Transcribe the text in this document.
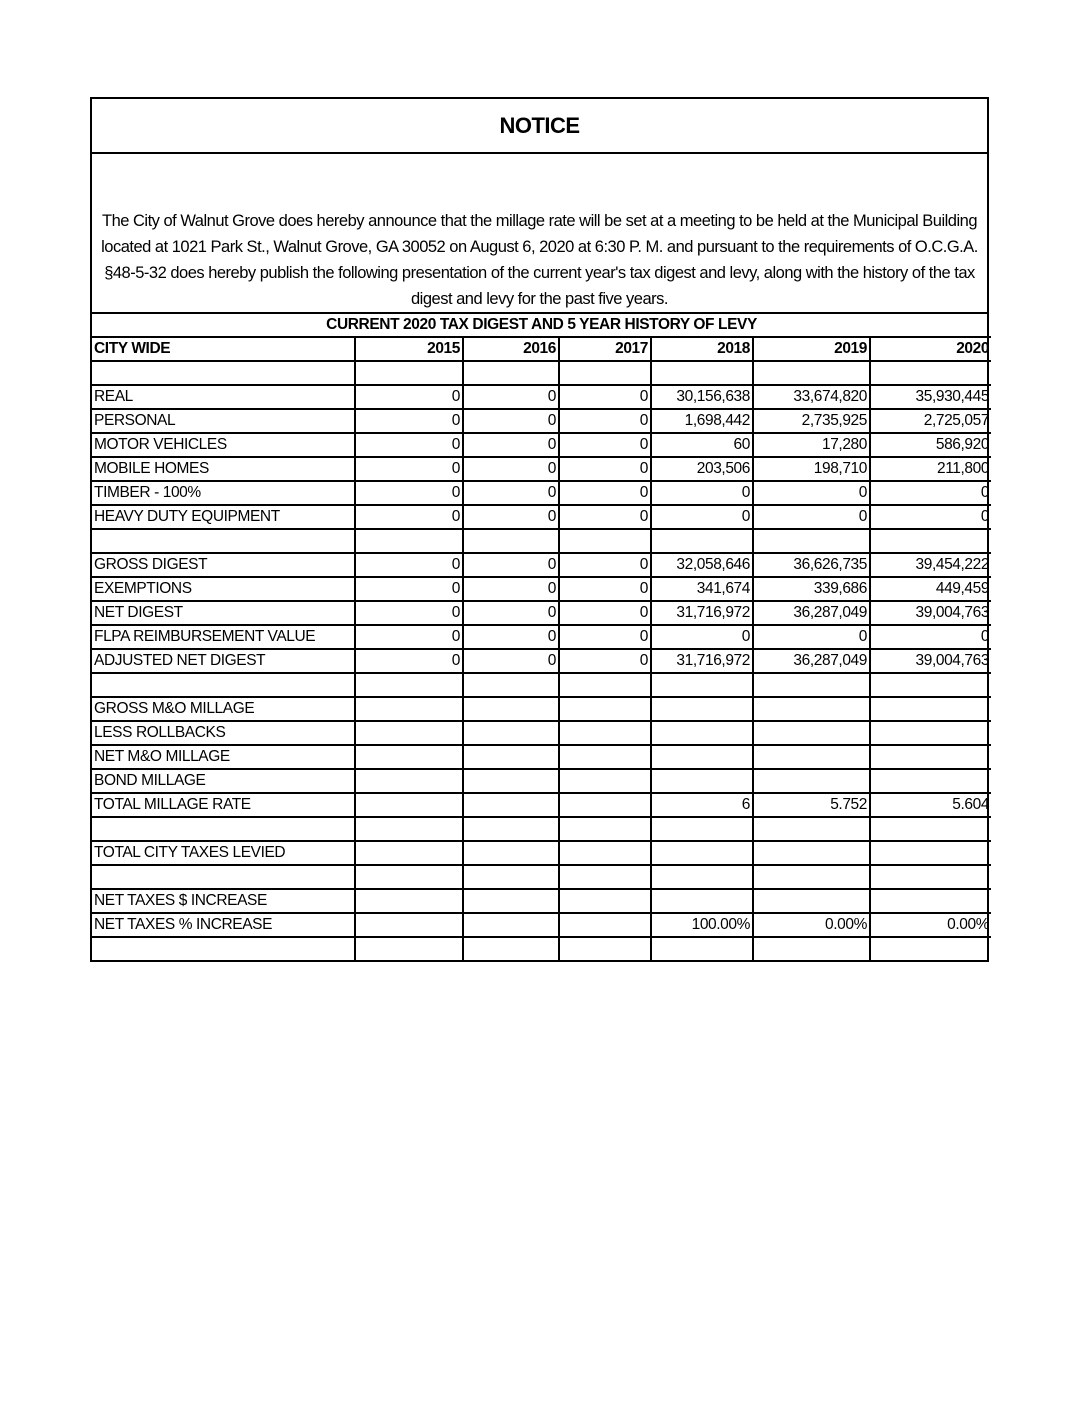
NOTICE
The City of Walnut Grove does hereby announce that the millage rate will be set at a meeting to be held at the Municipal Building located at 1021 Park St., Walnut Grove, GA 30052 on August 6, 2020 at 6:30 P. M. and pursuant to the requirements of O.C.G.A. §48-5-32 does hereby publish the following presentation of the current year's tax digest and levy, along with the history of the tax digest and levy for the past five years.
CURRENT 2020 TAX DIGEST AND 5 YEAR HISTORY OF LEVY						
CITY WIDE	2015	2016	2017	2018	2019	2020

REAL	0	0	0	30,156,638	33,674,820	35,930,445
PERSONAL	0	0	0	1,698,442	2,735,925	2,725,057
MOTOR VEHICLES	0	0	0	60	17,280	586,920
MOBILE HOMES	0	0	0	203,506	198,710	211,800
TIMBER - 100%	0	0	0	0	0	0
HEAVY DUTY EQUIPMENT	0	0	0	0	0	0

GROSS DIGEST	0	0	0	32,058,646	36,626,735	39,454,222
EXEMPTIONS	0	0	0	341,674	339,686	449,459
NET DIGEST	0	0	0	31,716,972	36,287,049	39,004,763
FLPA REIMBURSEMENT VALUE	0	0	0	0	0	0
ADJUSTED NET DIGEST	0	0	0	31,716,972	36,287,049	39,004,763

GROSS M&O MILLAGE						
LESS ROLLBACKS						
NET M&O MILLAGE						
BOND MILLAGE						
TOTAL MILLAGE RATE				6	5.752	5.604

TOTAL CITY TAXES LEVIED						

NET TAXES $ INCREASE						
NET TAXES % INCREASE				100.00%	0.00%	0.00%
